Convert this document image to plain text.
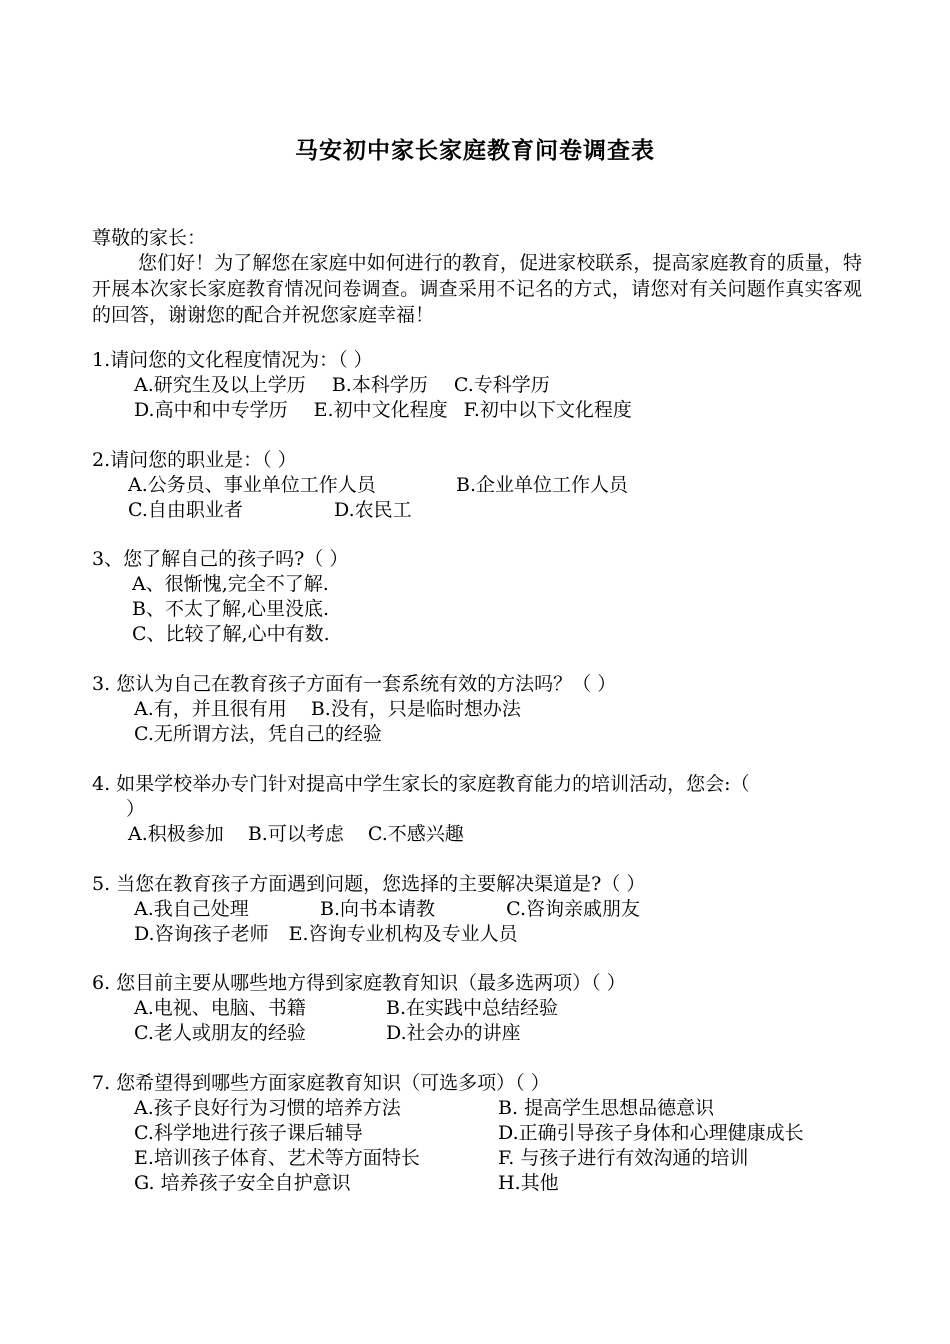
马安初中家长家庭教育问卷调查表
尊敬的家长：
您们好！为了解您在家庭中如何进行的教育，促进家校联系，提高家庭教育的质量，特开展本次家长家庭教育情况问卷调查。调查采用不记名的方式，请您对有关问题作真实客观的回答，谢谢您的配合并祝您家庭幸福！
1.请问您的文化程度情况为：（ ）
A.研究生及以上学历 B.本科学历 C.专科学历
D.高中和中专学历 E.初中文化程度 F.初中以下文化程度
2.请问您的职业是：（ ）
A.公务员、事业单位工作人员	B.企业单位工作人员
C.自由职业者	D.农民工
3、您了解自己的孩子吗?（ ）
A、很惭愧,完全不了解.
B、不太了解,心里没底.
C、比较了解,心中有数.
3. 您认为自己在教育孩子方面有一套系统有效的方法吗？（ ）
A.有，并且很有用 B.没有，只是临时想办法
C.无所谓方法，凭自己的经验
4. 如果学校举办专门针对提高中学生家长的家庭教育能力的培训活动，您会:（
）
A.积极参加 B.可以考虑 C.不感兴趣
5. 当您在教育孩子方面遇到问题，您选择的主要解决渠道是?（ ）
A.我自己处理	B.向书本请教	C.咨询亲戚朋友
D.咨询孩子老师 E.咨询专业机构及专业人员
6. 您目前主要从哪些地方得到家庭教育知识（最多选两项）（ ）
A.电视、电脑、书籍	B.在实践中总结经验
C.老人或朋友的经验	D.社会办的讲座
7. 您希望得到哪些方面家庭教育知识（可选多项）（ ）
A.孩子良好行为习惯的培养方法	B. 提高学生思想品德意识
C.科学地进行孩子课后辅导	D.正确引导孩子身体和心理健康成长
E.培训孩子体育、艺术等方面特长	F. 与孩子进行有效沟通的培训
G. 培养孩子安全自护意识	H.其他
